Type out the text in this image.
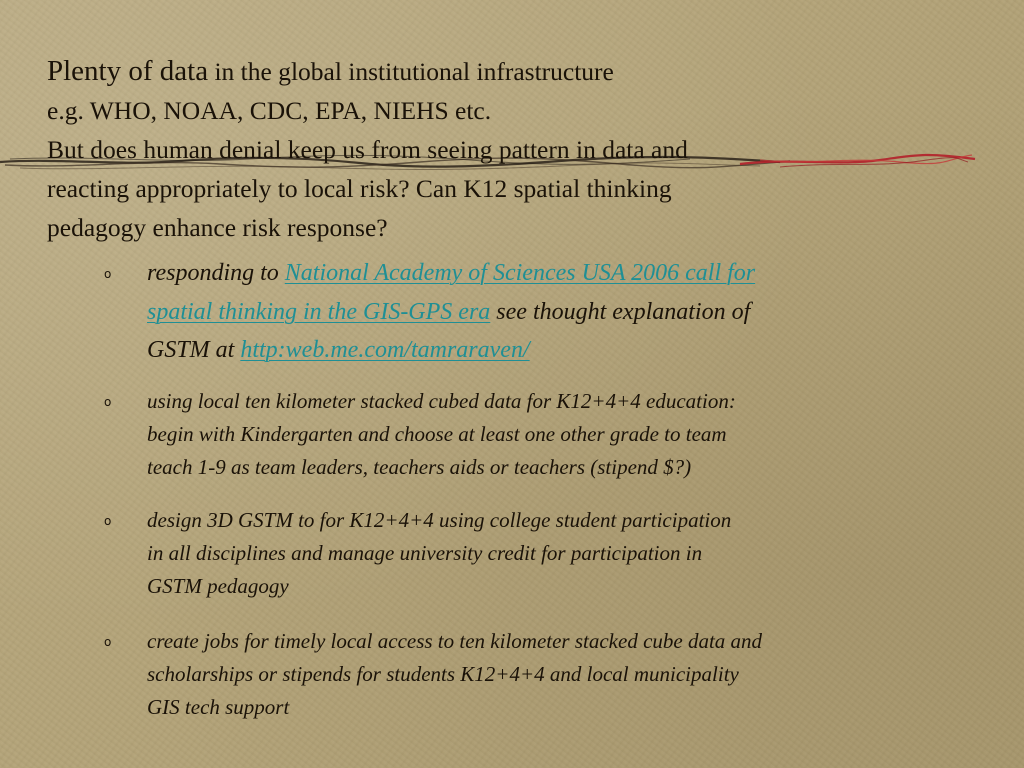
Plenty of data in the global institutional infrastructure
e.g. WHO, NOAA, CDC, EPA, NIEHS etc.
But does human denial keep us from seeing pattern in data and
reacting appropriately to local risk? Can K12 spatial thinking
pedagogy enhance risk response?
o responding to National Academy of Sciences USA 2006 call for
spatial thinking in the GIS-GPS era see thought explanation of
GSTM at http:web.me.com/tamraraven/
o using local ten kilometer stacked cubed data for K12+4+4 education:
begin with Kindergarten and choose at least one other grade to team
teach 1-9 as team leaders, teachers aids or teachers (stipend $?)
o design 3D GSTM to for K12+4+4 using college student participation
in all disciplines and manage university credit for participation in
GSTM pedagogy
o create jobs for timely local access to ten kilometer stacked cube data and
scholarships or stipends for students K12+4+4 and local municipality
GIS tech support
